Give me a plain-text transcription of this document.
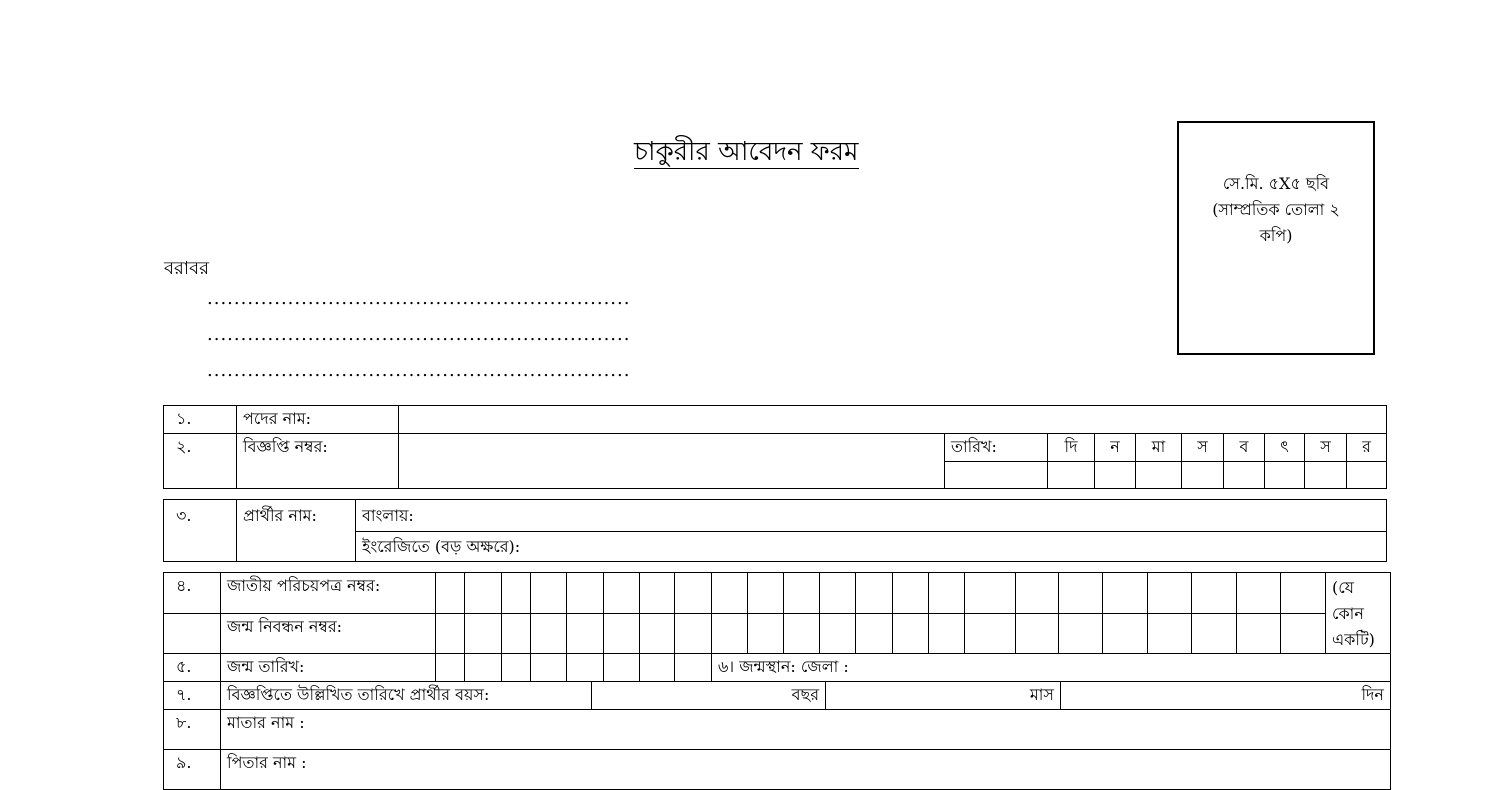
চাকুরীর আবেদন ফরম
সে.মি. ৫X৫ ছবি
(সাম্প্রতিক তোলা ২
কপি)
বরাবর
...............................................................
...............................................................
...............................................................
১.	পদের নাম:										
২.	বিজ্ঞপ্তি নম্বর:		তারিখ:	দি	ন	মা	স	ব	ৎ	স	র

৩.	প্রার্থীর নাম:	বাংলায়:
ইংরেজিতে (বড় অক্ষরে):
৪.	জাতীয় পরিচয়পত্র নম্বর:																								(যে কোন
একটি)

	জন্ম নিবন্ধন নম্বর:																								
৫.	জন্ম তারিখ:									৬। জন্মস্থান: জেলা :															
৭.	বিজ্ঞপ্তিতে উল্লিখিত তারিখে প্রার্থীর বয়স:	বছর	মাস	দিন
৮.	মাতার নাম :			
৯.	পিতার নাম :			
